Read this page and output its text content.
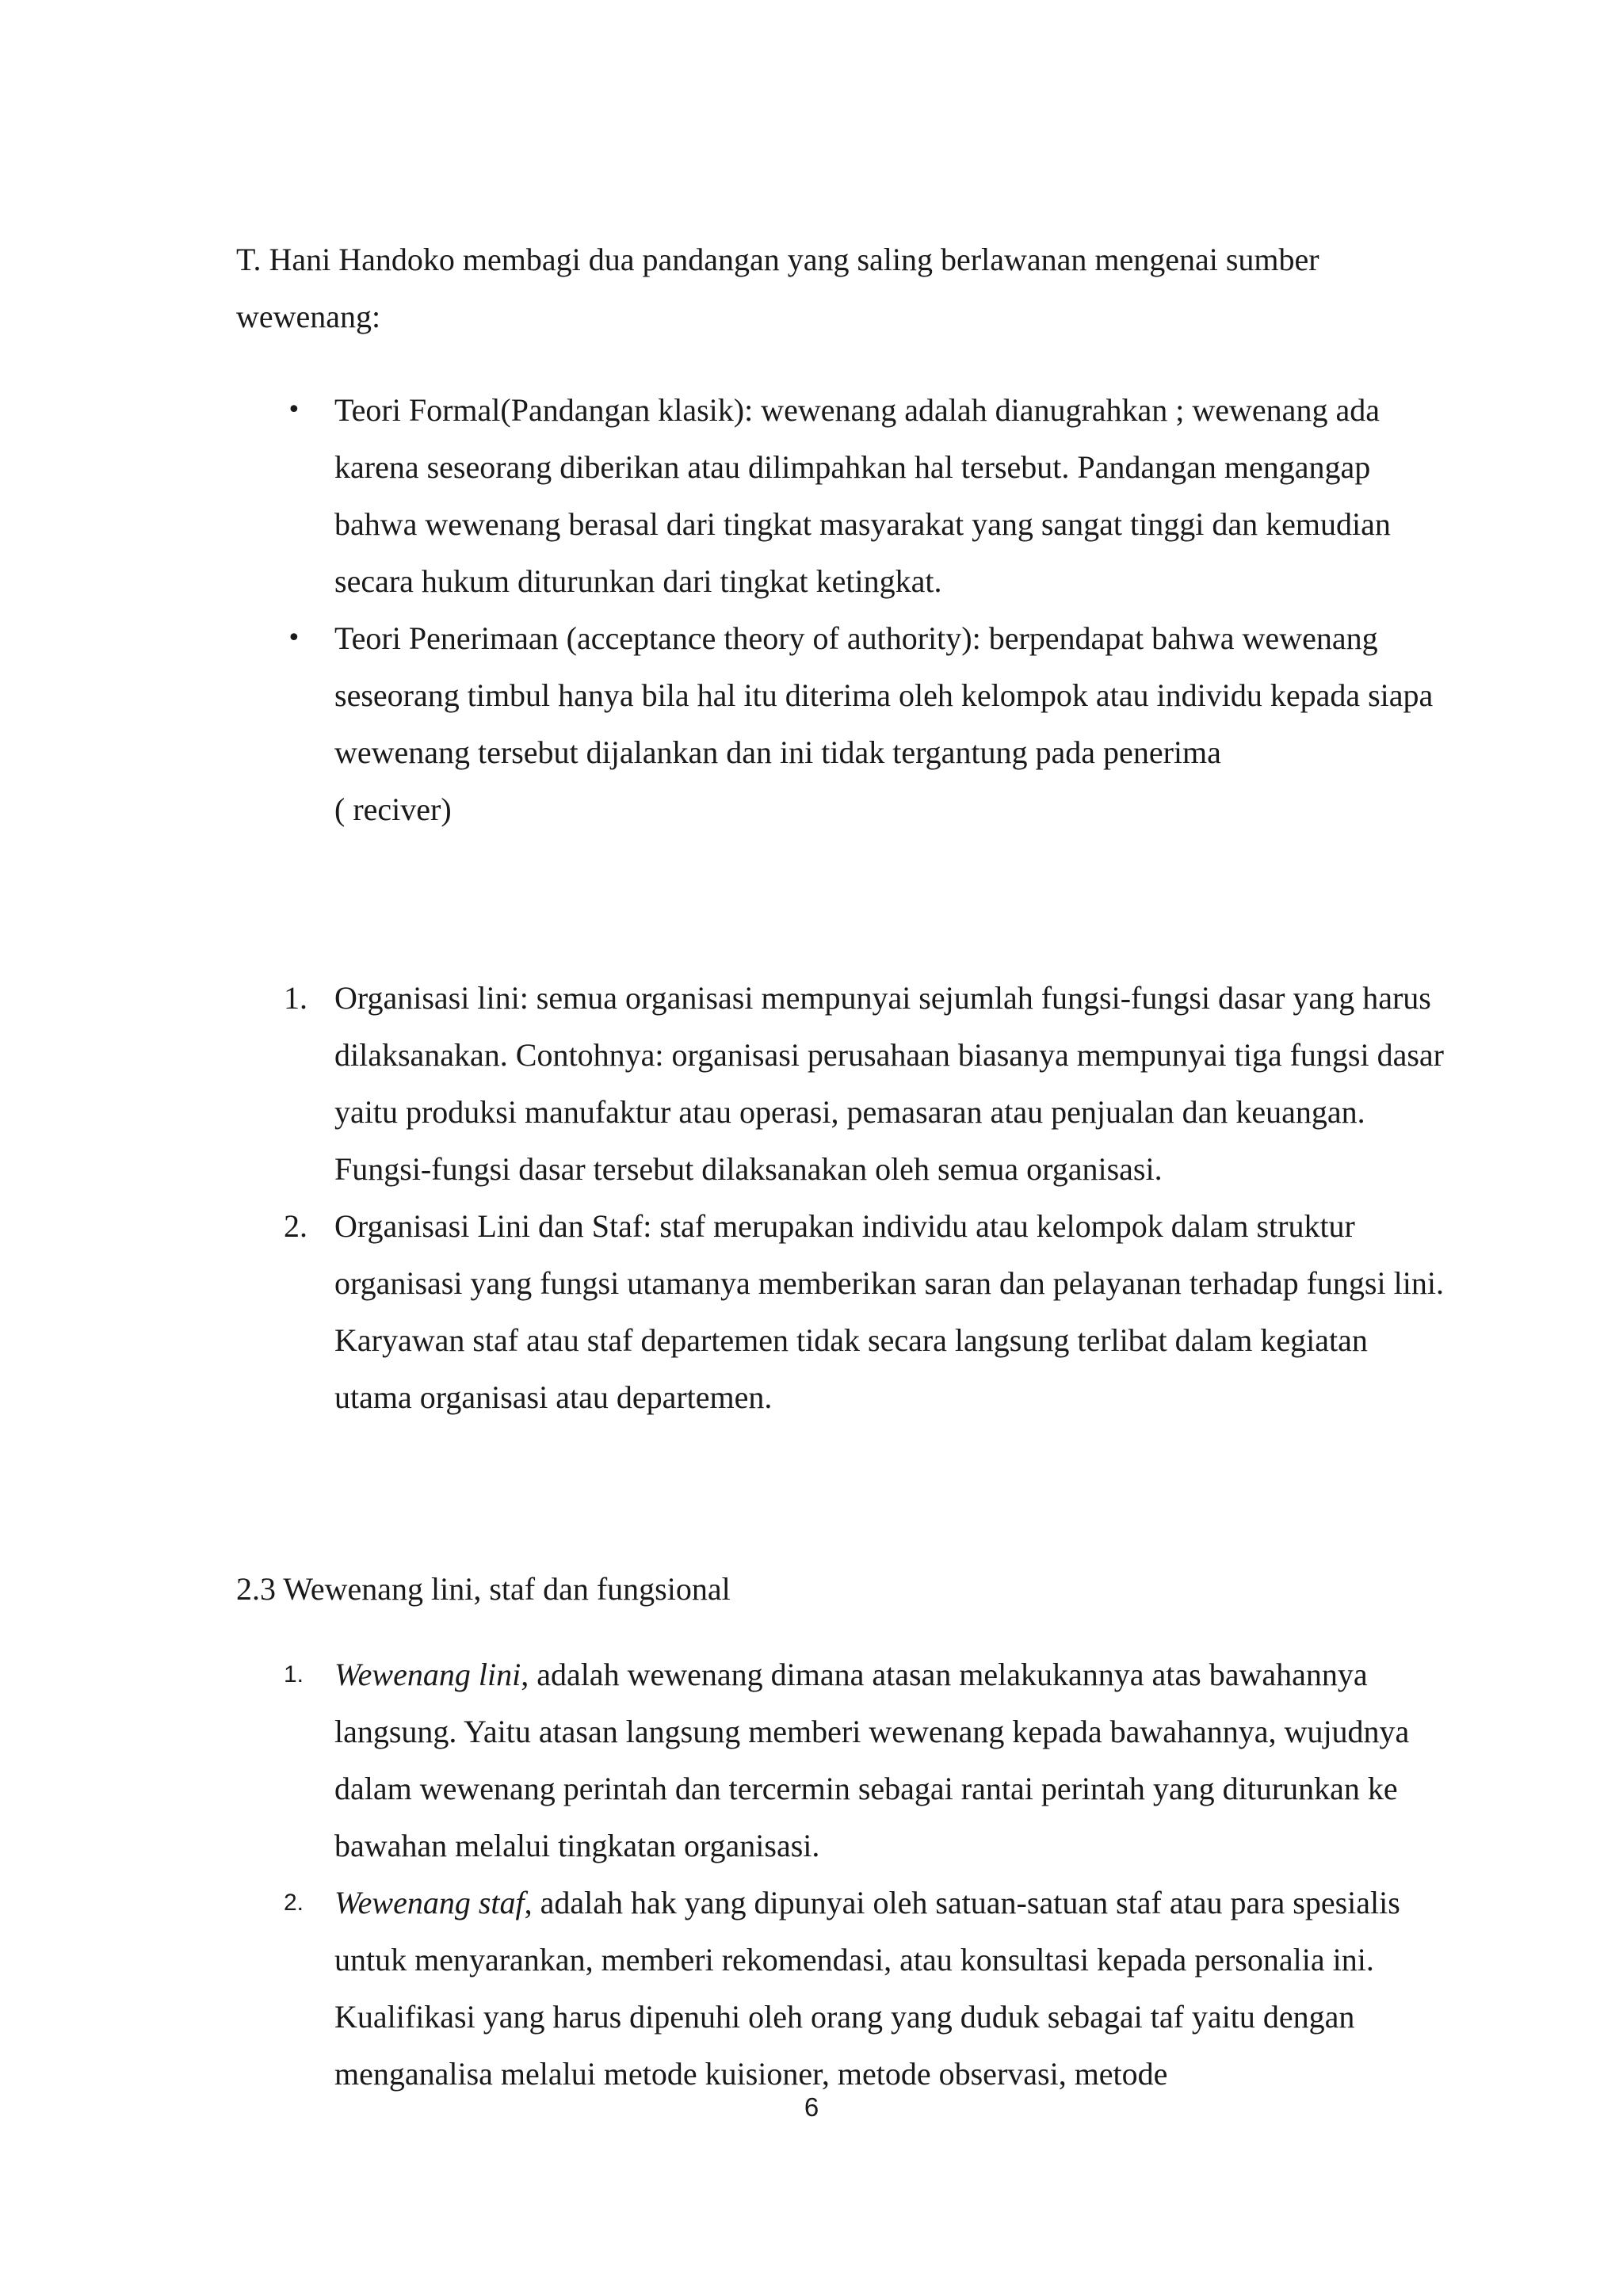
T. Hani Handoko membagi dua pandangan yang saling berlawanan mengenai sumber wewenang:

• Teori Formal(Pandangan klasik): wewenang adalah dianugrahkan ; wewenang ada karena seseorang diberikan atau dilimpahkan hal tersebut. Pandangan mengangap bahwa wewenang berasal dari tingkat masyarakat yang sangat tinggi dan kemudian secara hukum diturunkan dari tingkat ketingkat.
• Teori Penerimaan (acceptance theory of authority): berpendapat bahwa wewenang seseorang timbul hanya bila hal itu diterima oleh kelompok atau individu kepada siapa wewenang tersebut dijalankan dan ini tidak tergantung pada penerima
( reciver)
1. Organisasi lini: semua organisasi mempunyai sejumlah fungsi-fungsi dasar yang harus dilaksanakan. Contohnya: organisasi perusahaan biasanya mempunyai tiga fungsi dasar yaitu produksi manufaktur atau operasi, pemasaran atau penjualan dan keuangan. Fungsi-fungsi dasar tersebut dilaksanakan oleh semua organisasi.
2. Organisasi Lini dan Staf: staf merupakan individu atau kelompok dalam struktur organisasi yang fungsi utamanya memberikan saran dan pelayanan terhadap fungsi lini. Karyawan staf atau staf departemen tidak secara langsung terlibat dalam kegiatan utama organisasi atau departemen.

2.3 Wewenang lini, staf dan fungsional

1. Wewenang lini, adalah wewenang dimana atasan melakukannya atas bawahannya langsung. Yaitu atasan langsung memberi wewenang kepada bawahannya, wujudnya dalam wewenang perintah dan tercermin sebagai rantai perintah yang diturunkan ke bawahan melalui tingkatan organisasi.
2. Wewenang staf, adalah hak yang dipunyai oleh satuan-satuan staf atau para spesialis untuk menyarankan, memberi rekomendasi, atau konsultasi kepada personalia ini. Kualifikasi yang harus dipenuhi oleh orang yang duduk sebagai taf yaitu dengan menganalisa melalui metode kuisioner, metode observasi, metode
6
